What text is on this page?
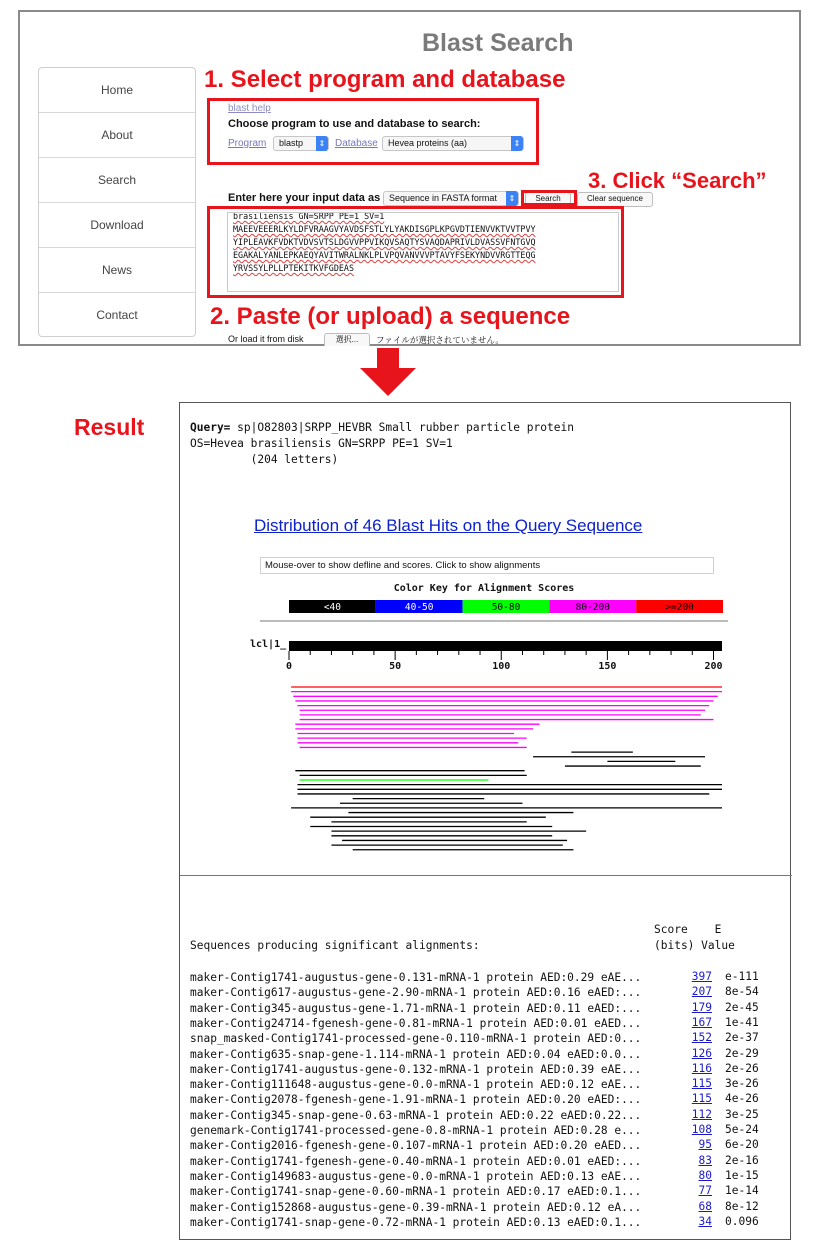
Blast Search
Home
About
Search
Download
News
Contact
blast help
Choose program to use and database to search:
Program	blastp	⇕ Database	Hevea proteins (aa)	⇕
Enter here your input data as Sequence in FASTA format	⇕	Search	Clear sequence
brasiliensis GN=SRPP PE=1 SV=1
MAEEVEEERLKYLDFVRAAGVYAVDSFSTLYLYAKDISGPLKPGVDTIENVVKTVVTPVY
YIPLEAVKFVDKTVDVSVTSLDGVVPPVIKQVSAQTYSVAQDAPRIVLDVASSVFNTGVQ
EGAKALYANLEPKAEQYAVITWRALNKLPLVPQVANVVVPTAVYFSEKYNDVVRGTTEQG
YRVSSYLPLLPTEKITKVFGDEAS
Or load it from disk	選択...	ファイルが選択されていません。
1. Select program and database
3. Click “Search”
2. Paste (or upload) a sequence
Result	Query= sp|O82803|SRPP_HEVBR Small rubber particle protein
OS=Hevea brasiliensis GN=SRPP PE=1 SV=1
(204 letters)
Distribution of 46 Blast Hits on the Query Sequence
Mouse-over to show defline and scores. Click to show alignments
Color Key for Alignment Scores
<40	40-50	50-80	80-200	>=200
lcl|1_
0	50	100	150	200
Score    E
(bits) Value
Sequences producing significant alignments:
maker-Contig1741-augustus-gene-0.131-mRNA-1 protein AED:0.29 eAE...	397 e-111
maker-Contig617-augustus-gene-2.90-mRNA-1 protein AED:0.16 eAED:...	207 8e-54
maker-Contig345-augustus-gene-1.71-mRNA-1 protein AED:0.11 eAED:...	179 2e-45
maker-Contig24714-fgenesh-gene-0.81-mRNA-1 protein AED:0.01 eAED...	167 1e-41
snap_masked-Contig1741-processed-gene-0.110-mRNA-1 protein AED:0...	152 2e-37
maker-Contig635-snap-gene-1.114-mRNA-1 protein AED:0.04 eAED:0.0...	126 2e-29
maker-Contig1741-augustus-gene-0.132-mRNA-1 protein AED:0.39 eAE...	116 2e-26
maker-Contig111648-augustus-gene-0.0-mRNA-1 protein AED:0.12 eAE...	115 3e-26
maker-Contig2078-fgenesh-gene-1.91-mRNA-1 protein AED:0.20 eAED:...	115 4e-26
maker-Contig345-snap-gene-0.63-mRNA-1 protein AED:0.22 eAED:0.22...	112 3e-25
genemark-Contig1741-processed-gene-0.8-mRNA-1 protein AED:0.28 e...	108 5e-24
maker-Contig2016-fgenesh-gene-0.107-mRNA-1 protein AED:0.20 eAED...	95 6e-20
maker-Contig1741-fgenesh-gene-0.40-mRNA-1 protein AED:0.01 eAED:...	83 2e-16
maker-Contig149683-augustus-gene-0.0-mRNA-1 protein AED:0.13 eAE...	80 1e-15
maker-Contig1741-snap-gene-0.60-mRNA-1 protein AED:0.17 eAED:0.1...	77 1e-14
maker-Contig152868-augustus-gene-0.39-mRNA-1 protein AED:0.12 eA...	68 8e-12
maker-Contig1741-snap-gene-0.72-mRNA-1 protein AED:0.13 eAED:0.1...	34 0.096
